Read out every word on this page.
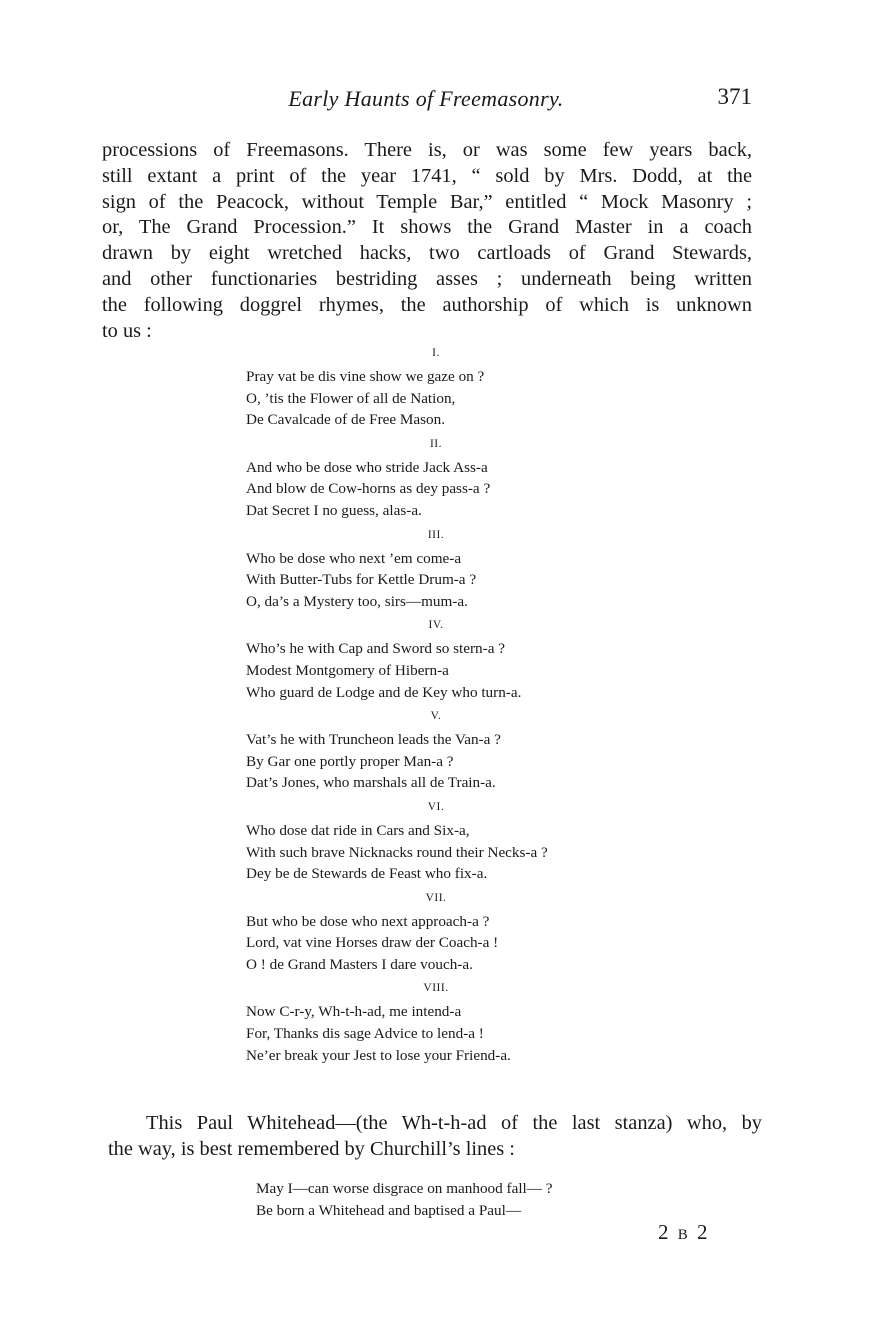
Early Haunts of Freemasonry.	371
processions of Freemasons. There is, or was some few years back,
still extant a print of the year 1741, “ sold by Mrs. Dodd, at the
sign of the Peacock, without Temple Bar,” entitled “ Mock Masonry ;
or, The Grand Procession.” It shows the Grand Master in a coach
drawn by eight wretched hacks, two cartloads of Grand Stewards,
and other functionaries bestriding asses ; underneath being written
the following doggrel rhymes, the authorship of which is unknown
to us :
I.
Pray vat be dis vine show we gaze on ?
O, ’tis the Flower of all de Nation,
De Cavalcade of de Free Mason.
II.
And who be dose who stride Jack Ass-a
And blow de Cow-horns as dey pass-a ?
Dat Secret I no guess, alas-a.
III.
Who be dose who next ’em come-a
With Butter-Tubs for Kettle Drum-a ?
O, da’s a Mystery too, sirs—mum-a.
IV.
Who’s he with Cap and Sword so stern-a ?
Modest Montgomery of Hibern-a
Who guard de Lodge and de Key who turn-a.
V.
Vat’s he with Truncheon leads the Van-a ?
By Gar one portly proper Man-a ?
Dat’s Jones, who marshals all de Train-a.
VI.
Who dose dat ride in Cars and Six-a,
With such brave Nicknacks round their Necks-a ?
Dey be de Stewards de Feast who fix-a.
VII.
But who be dose who next approach-a ?
Lord, vat vine Horses draw der Coach-a !
O ! de Grand Masters I dare vouch-a.
VIII.
Now C-r-y, Wh-t-h-ad, me intend-a
For, Thanks dis sage Advice to lend-a !
Ne’er break your Jest to lose your Friend-a.
This Paul Whitehead—(the Wh-t-h-ad of the last stanza) who, by
the way, is best remembered by Churchill’s lines :
May I—can worse disgrace on manhood fall— ?
Be born a Whitehead and baptised a Paul—
2 B 2
